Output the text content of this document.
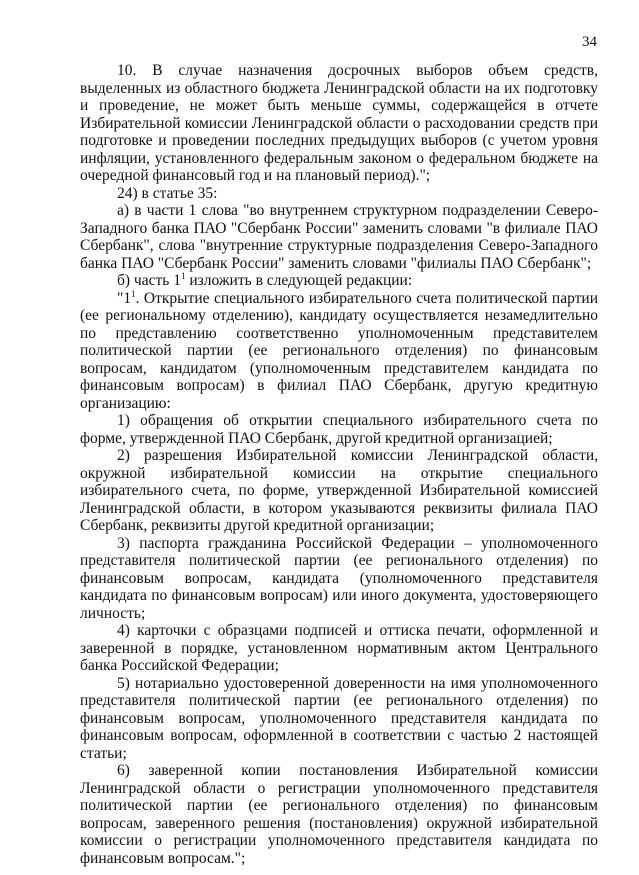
34

10. В случае назначения досрочных выборов объем средств, выделенных из областного бюджета Ленинградской области на их подготовку и проведение, не может быть меньше суммы, содержащейся в отчете Избирательной комиссии Ленинградской области о расходовании средств при подготовке и проведении последних предыдущих выборов (с учетом уровня инфляции, установленного федеральным законом о федеральном бюджете на очередной финансовый год и на плановый период).";

24) в статье 35:

а) в части 1 слова "во внутреннем структурном подразделении Северо-Западного банка ПАО "Сбербанк России" заменить словами "в филиале ПАО Сбербанк", слова "внутренние структурные подразделения Северо-Западного банка ПАО "Сбербанк России" заменить словами "филиалы ПАО Сбербанк";

б) часть $1^1$ изложить в следующей редакции:

"$1^1$. Открытие специального избирательного счета политической партии (ее региональному отделению), кандидату осуществляется незамедлительно по представлению соответственно уполномоченным представителем политической партии (ее регионального отделения) по финансовым вопросам, кандидатом (уполномоченным представителем кандидата по финансовым вопросам) в филиал ПАО Сбербанк, другую кредитную организацию:

1) обращения об открытии специального избирательного счета по форме, утвержденной ПАО Сбербанк, другой кредитной организацией;

2) разрешения Избирательной комиссии Ленинградской области, окружной избирательной комиссии на открытие специального избирательного счета, по форме, утвержденной Избирательной комиссией Ленинградской области, в котором указываются реквизиты филиала ПАО Сбербанк, реквизиты другой кредитной организации;

3) паспорта гражданина Российской Федерации – уполномоченного представителя политической партии (ее регионального отделения) по финансовым вопросам, кандидата (уполномоченного представителя кандидата по финансовым вопросам) или иного документа, удостоверяющего личность;

4) карточки с образцами подписей и оттиска печати, оформленной и заверенной в порядке, установленном нормативным актом Центрального банка Российской Федерации;

5) нотариально удостоверенной доверенности на имя уполномоченного представителя политической партии (ее регионального отделения) по финансовым вопросам, уполномоченного представителя кандидата по финансовым вопросам, оформленной в соответствии с частью 2 настоящей статьи;

6) заверенной копии постановления Избирательной комиссии Ленинградской области о регистрации уполномоченного представителя политической партии (ее регионального отделения) по финансовым вопросам, заверенного решения (постановления) окружной избирательной комиссии о регистрации уполномоченного представителя кандидата по финансовым вопросам.";
